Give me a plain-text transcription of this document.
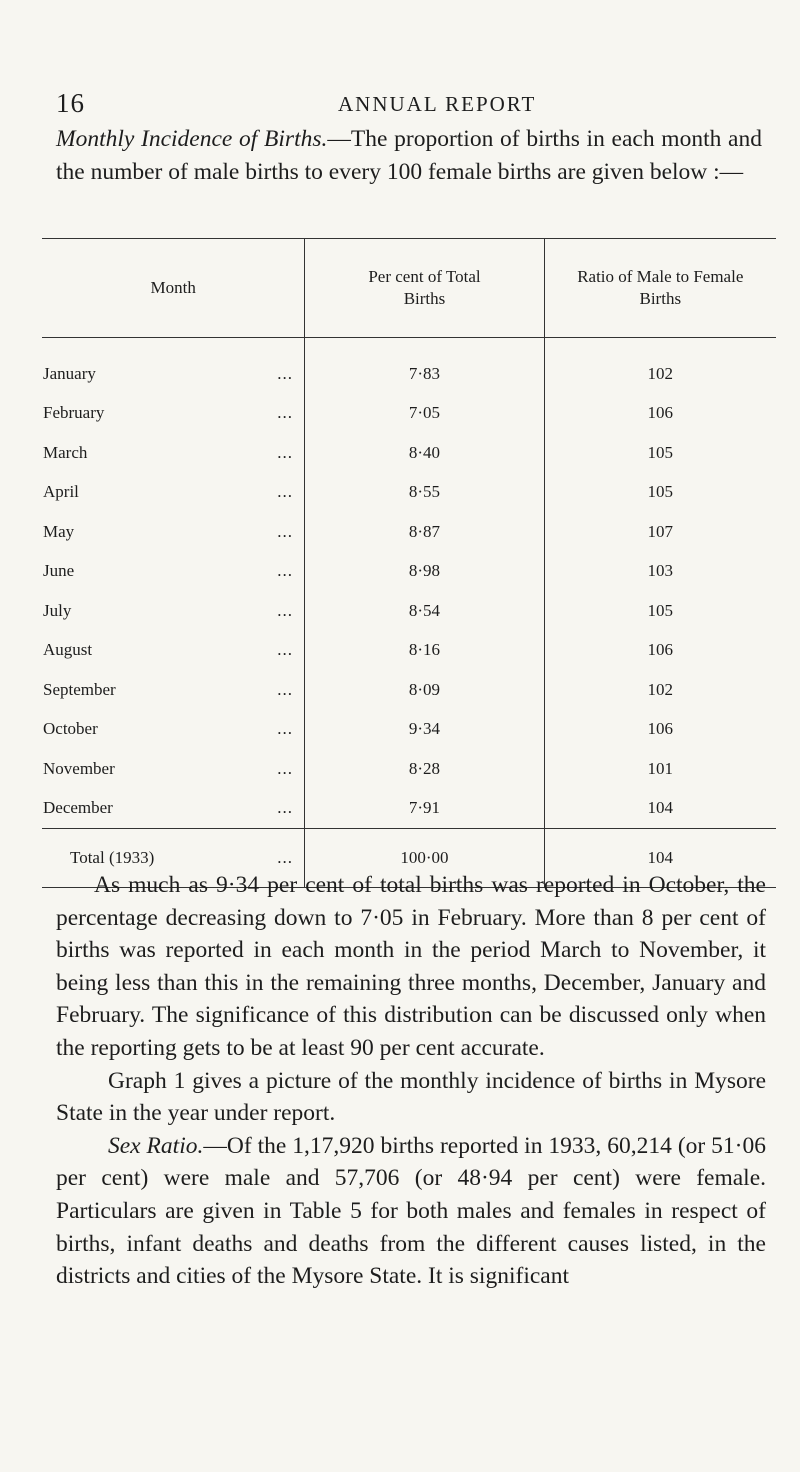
16	ANNUAL REPORT

Monthly Incidence of Births.—The proportion of births in each month and the number of male births to every 100 female births are given below :—

Month	Per cent of Total Births	Ratio of Male to Female Births
January ...	7·83	102
February ...	7·05	106
March ...	8·40	105
April ...	8·55	105
May ...	8·87	107
June ...	8·98	103
July ...	8·54	105
August ...	8·16	106
September ...	8·09	102
October ...	9·34	106
November ...	8·28	101
December ...	7·91	104
Total (1933) ...	100·00	104

As much as 9·34 per cent of total births was reported in October, the percentage decreasing down to 7·05 in February. More than 8 per cent of births was reported in each month in the period March to November, it being less than this in the remaining three months, December, January and February. The significance of this distribution can be discussed only when the reporting gets to be at least 90 per cent accurate.

Graph 1 gives a picture of the monthly incidence of births in Mysore State in the year under report.

Sex Ratio.—Of the 1,17,920 births reported in 1933, 60,214 (or 51·06 per cent) were male and 57,706 (or 48·94 per cent) were female. Particulars are given in Table 5 for both males and females in respect of births, infant deaths and deaths from the different causes listed, in the districts and cities of the Mysore State. It is significant
